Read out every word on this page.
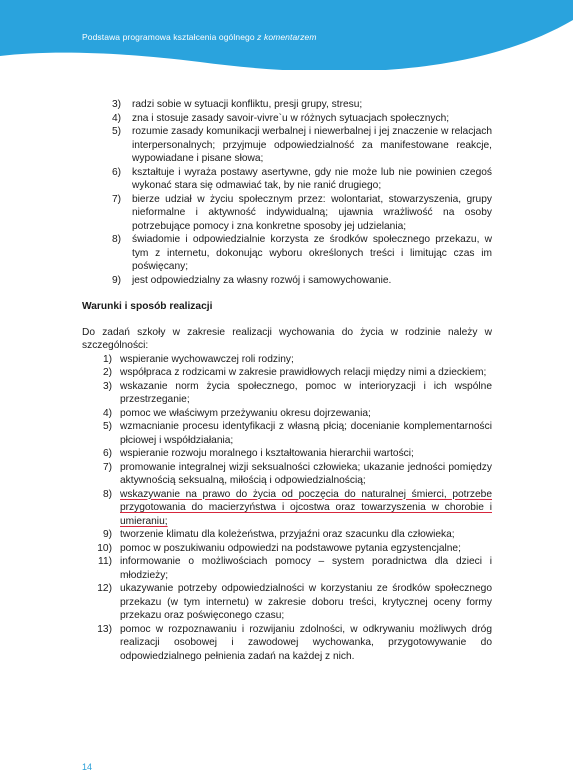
Podstawa programowa kształcenia ogólnego z komentarzem
3)	radzi sobie w sytuacji konfliktu, presji grupy, stresu;
4)	zna i stosuje zasady savoir-vivre`u w różnych sytuacjach społecznych;
5)	rozumie zasady komunikacji werbalnej i niewerbalnej i jej znaczenie w relacjach interpersonalnych; przyjmuje odpowiedzialność za manifestowane reakcje, wypowiadane i pisane słowa;
6)	kształtuje i wyraża postawy asertywne, gdy nie może lub nie powinien czegoś wykonać stara się odmawiać tak, by nie ranić drugiego;
7)	bierze udział w życiu społecznym przez: wolontariat, stowarzyszenia, grupy nieformalne i aktywność indywidualną; ujawnia wrażliwość na osoby potrzebujące pomocy i zna konkretne sposoby jej udzielania;
8)	świadomie i odpowiedzialnie korzysta ze środków społecznego przekazu, w tym z internetu, dokonując wyboru określonych treści i limitując czas im poświęcany;
9)	jest odpowiedzialny za własny rozwój i samowychowanie.
Warunki i sposób realizacji
Do zadań szkoły w zakresie realizacji wychowania do życia w rodzinie należy w szczególności:
1) wspieranie wychowawczej roli rodziny;
2) współpraca z rodzicami w zakresie prawidłowych relacji między nimi a dzieckiem;
3) wskazanie norm życia społecznego, pomoc w interioryzacji i ich wspólne przestrzeganie;
4) pomoc we właściwym przeżywaniu okresu dojrzewania;
5) wzmacnianie procesu identyfikacji z własną płcią; docenianie komplementarności płciowej i współdziałania;
6) wspieranie rozwoju moralnego i kształtowania hierarchii wartości;
7) promowanie integralnej wizji seksualności człowieka; ukazanie jedności pomiędzy aktywnością seksualną, miłością i odpowiedzialnością;
8) wskazywanie na prawo do życia od poczęcia do naturalnej śmierci, potrzebe przygotowania do macierzyństwa i ojcostwa oraz towarzyszenia w chorobie i umieraniu;
9) tworzenie klimatu dla koleżeństwa, przyjaźni oraz szacunku dla człowieka;
10) pomoc w poszukiwaniu odpowiedzi na podstawowe pytania egzystencjalne;
11) informowanie o możliwościach pomocy – system poradnictwa dla dzieci i młodzieży;
12) ukazywanie potrzeby odpowiedzialności w korzystaniu ze środków społecznego przekazu (w tym internetu) w zakresie doboru treści, krytycznej oceny formy przekazu oraz poświęconego czasu;
13) pomoc w rozpoznawaniu i rozwijaniu zdolności, w odkrywaniu możliwych dróg realizacji osobowej i zawodowej wychowanka, przygotowywanie do odpowiedzialnego pełnienia zadań na każdej z nich.
14
